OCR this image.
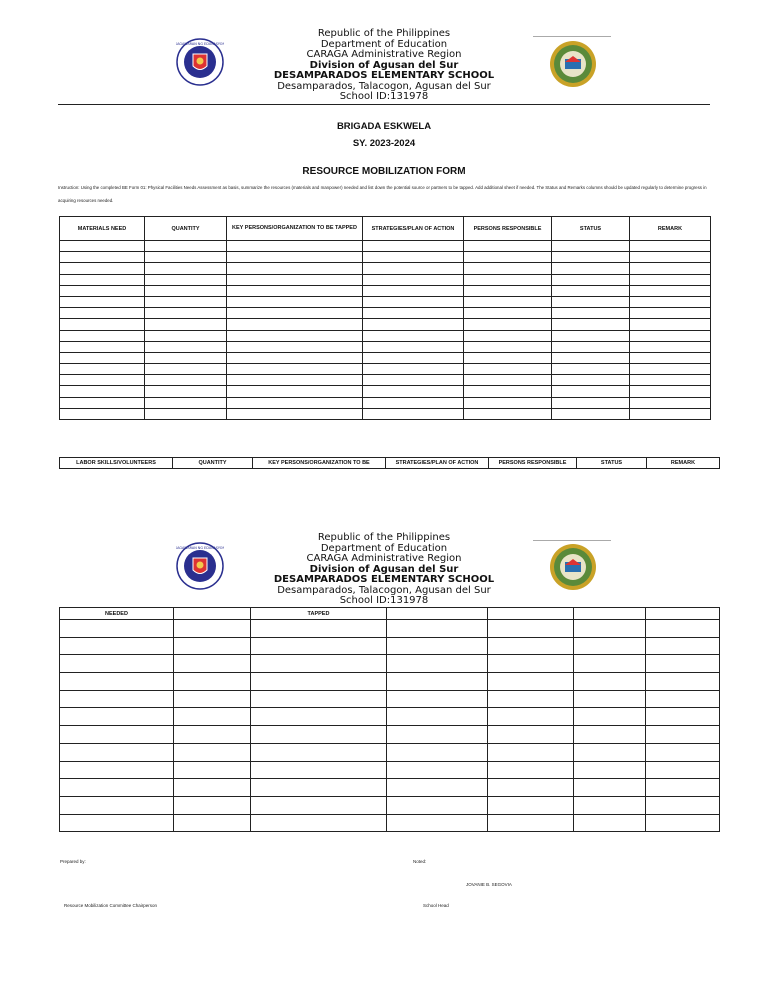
KAGAWARAN NG EDUKASYON
Republic of the Philippines
Department of Education
CARAGA Administrative Region
Division of Agusan del Sur
DESAMPARADOS ELEMENTARY SCHOOL
Desamparados, Talacogon, Agusan del Sur
School ID:131978
BRIGADA ESKWELA
SY. 2023-2024
RESOURCE MOBILIZATION FORM
Instruction: Using the completed BE Form 01: Physical Facilities Needs Assessment as basis, summarize the resources (materials and manpower) needed and list down the potential source or partners to be tapped. Add additional sheet if needed. The Status and Remarks columns should be updated regularly to determine progress in acquiring resources needed.
MATERIALS NEED	QUANTITY	KEY PERSONS/ORGANIZATION TO BE TAPPED	STRATEGIES/PLAN OF ACTION	PERSONS RESPONSIBLE	STATUS	REMARK

LABOR SKILLS/VOLUNTEERS	QUANTITY	KEY PERSONS/ORGANIZATION TO BE	STRATEGIES/PLAN OF ACTION	PERSONS RESPONSIBLE	STATUS	REMARK
KAGAWARAN NG EDUKASYON
Republic of the Philippines
Department of Education
CARAGA Administrative Region
Division of Agusan del Sur
DESAMPARADOS ELEMENTARY SCHOOL
Desamparados, Talacogon, Agusan del Sur
School ID:131978
NEEDED		TAPPED				

Prepared by:	Noted:
JOVANIE B. SEGOVIA
Resource Mobilization Committee Chairperson	School Head
